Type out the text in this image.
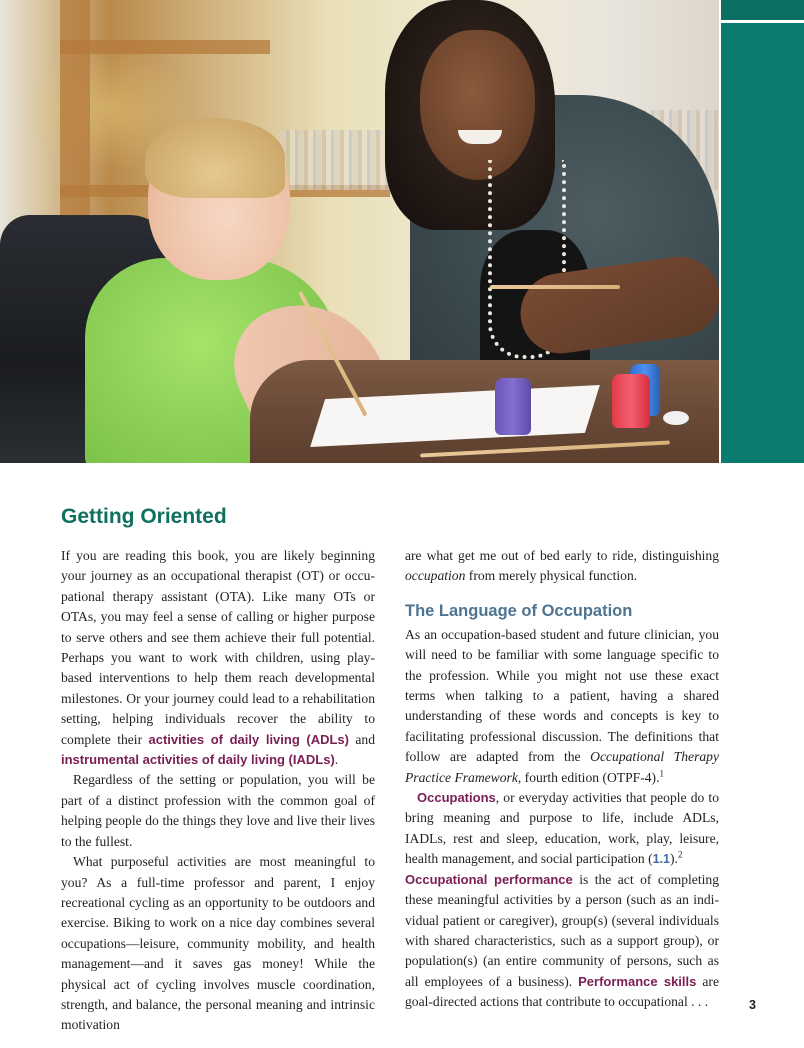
Getting Oriented

If you are reading this book, you are likely beginning your journey as an occupational therapist (OT) or occupational therapy assistant (OTA). Like many OTs or OTAs, you may feel a sense of calling or higher purpose to serve others and see them achieve their full potential. Perhaps you want to work with children, using play-based interventions to help them reach developmental milestones. Or your journey could lead to a rehabilitation setting, helping individuals recover the ability to complete their activities of daily living (ADLs) and instrumental activities of daily living (IADLs).

Regardless of the setting or population, you will be part of a distinct profession with the common goal of helping people do the things they love and live their lives to the fullest.

What purposeful activities are most meaningful to you? As a full-time professor and parent, I enjoy recreational cycling as an opportunity to be outdoors and exercise. Biking to work on a nice day combines several occupations—leisure, community mobility, and health management—and it saves gas money! While the physical act of cycling involves muscle coordination, strength, and balance, the personal meaning and intrinsic motivation

are what get me out of bed early to ride, distinguishing occupation from merely physical function.

The Language of Occupation

As an occupation-based student and future clinician, you will need to be familiar with some language specific to the profession. While you might not use these exact terms when talking to a patient, having a shared understanding of these words and concepts is key to facilitating professional discussion. The definitions that follow are adapted from the Occupational Therapy Practice Framework, fourth edition (OTPF-4).$^1$

Occupations, or everyday activities that people do to bring meaning and purpose to life, include ADLs, IADLs, rest and sleep, education, work, play, leisure, health management, and social participation (1.1).$^2$
Occupational performance is the act of completing these meaningful activities by a person (such as an individual patient or caregiver), group(s) (several individuals with shared characteristics, such as a support group), or population(s) (an entire community of persons, such as all employees of a business). Performance skills are goal-directed actions that contribute to occupational . . .	3
